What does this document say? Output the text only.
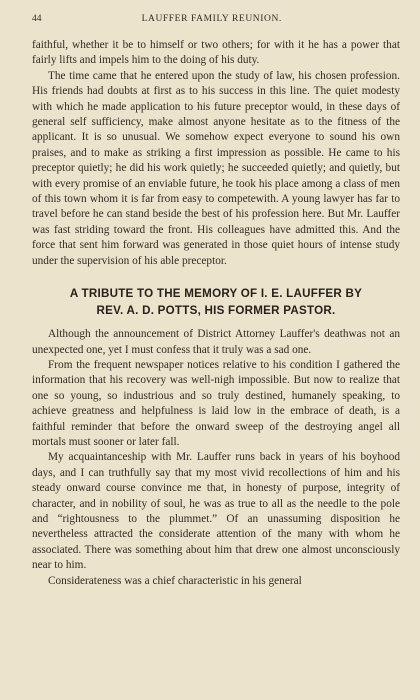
44	LAUFFER FAMILY REUNION.

faithful, whether it be to himself or two others; for with it he has a power that fairly lifts and impels him to the doing of his duty.

The time came that he entered upon the study of law, his chosen profession. His friends had doubts at first as to his success in this line. The quiet modesty with which he made application to his future preceptor would, in these days of general self sufficiency, make almost anyone hesitate as to the fitness of the applicant. It is so unusual. We somehow expect everyone to sound his own praises, and to make as striking a first impression as possible. He came to his preceptor quietly; he did his work quietly; he succeeded quietly; and quietly, but with every promise of an enviable future, he took his place among a class of men of this town whom it is far from easy to competewith. A young lawyer has far to travel before he can stand beside the best of his profession here. But Mr. Lauffer was fast striding toward the front. His colleagues have admitted this. And the force that sent him forward was generated in those quiet hours of intense study under the supervision of his able preceptor.

A TRIBUTE TO THE MEMORY OF I. E. LAUFFER BY
REV. A. D. POTTS, HIS FORMER PASTOR.

Although the announcement of District Attorney Lauffer's deathwas not an unexpected one, yet I must confess that it truly was a sad one.

From the frequent newspaper notices relative to his condition I gathered the information that his recovery was well-nigh impossible. But now to realize that one so young, so industrious and so truly destined, humanely speaking, to achieve greatness and helpfulness is laid low in the embrace of death, is a faithful reminder that before the onward sweep of the destroying angel all mortals must sooner or later fall.

My acquaintanceship with Mr. Lauffer runs back in years of his boyhood days, and I can truthfully say that my most vivid recollections of him and his steady onward course convince me that, in honesty of purpose, integrity of character, and in nobility of soul, he was as true to all as the needle to the pole and “rightousness to the plummet.” Of an unassuming disposition he nevertheless attracted the considerate attention of the many with whom he associated. There was something about him that drew one almost unconsciously near to him.

Considerateness was a chief characteristic in his general
